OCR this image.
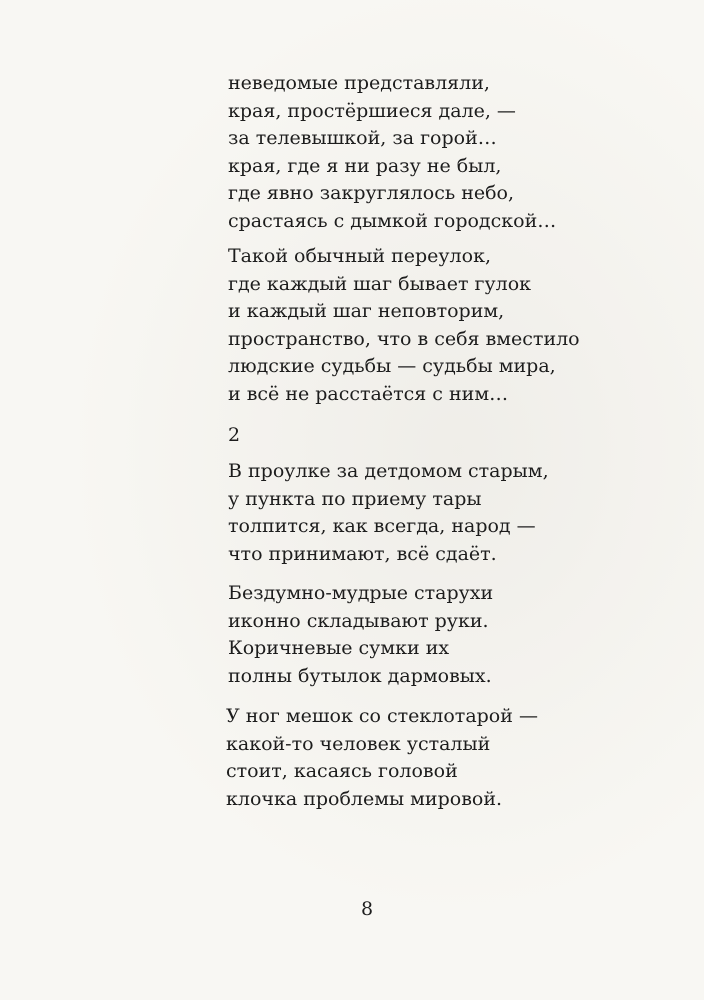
неведомые представляли,
края, простёршиеся дале, —
за телевышкой, за горой…
края, где я ни разу не был,
где явно закруглялось небо,
срастаясь с дымкой городской…
Такой обычный переулок,
где каждый шаг бывает гулок
и каждый шаг неповторим,
пространство, что в себя вместило
людские судьбы — судьбы мира,
и всё не расстаётся с ним…
2
В проулке за детдомом старым,
у пункта по приему тары
толпится, как всегда, народ —
что принимают, всё сдаёт.
Бездумно-мудрые старухи
иконно складывают руки.
Коричневые сумки их
полны бутылок дармовых.
У ног мешок со стеклотарой —
какой-то человек усталый
стоит, касаясь головой
клочка проблемы мировой.
8
